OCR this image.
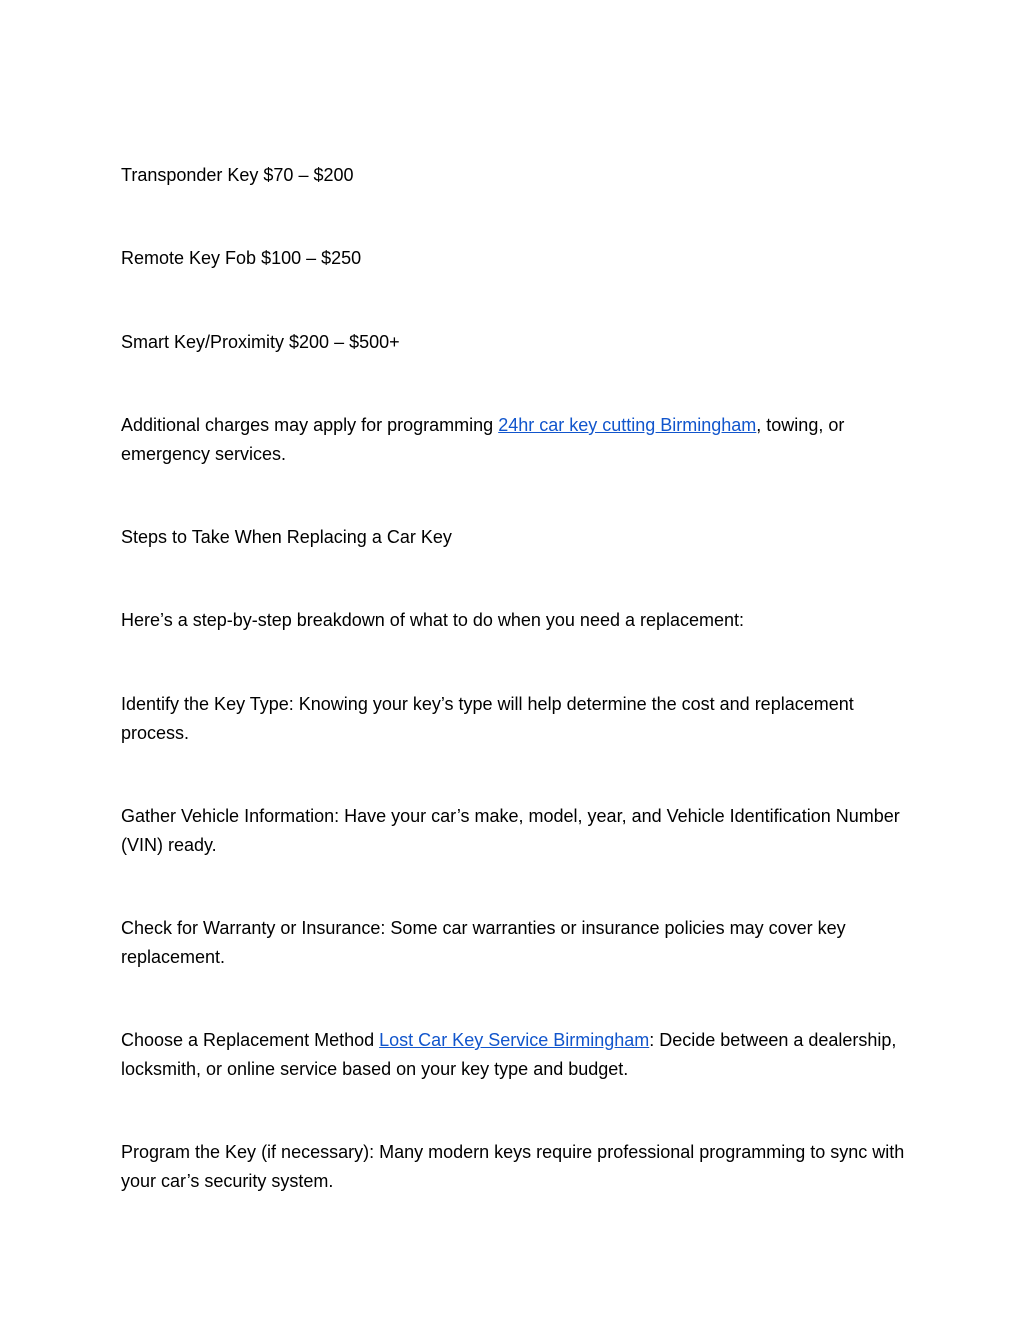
Transponder Key $70 – $200

Remote Key Fob $100 – $250

Smart Key/Proximity $200 – $500+

Additional charges may apply for programming 24hr car key cutting Birmingham, towing, or emergency services.

Steps to Take When Replacing a Car Key

Here’s a step-by-step breakdown of what to do when you need a replacement:

Identify the Key Type: Knowing your key’s type will help determine the cost and replacement process.

Gather Vehicle Information: Have your car’s make, model, year, and Vehicle Identification Number (VIN) ready.

Check for Warranty or Insurance: Some car warranties or insurance policies may cover key replacement.

Choose a Replacement Method Lost Car Key Service Birmingham: Decide between a dealership, locksmith, or online service based on your key type and budget.

Program the Key (if necessary): Many modern keys require professional programming to sync with your car’s security system.
